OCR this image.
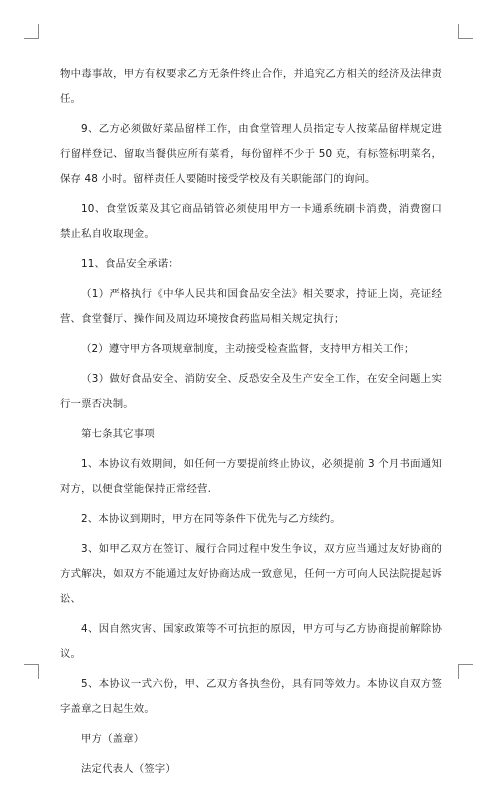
物中毒事故，甲方有权要求乙方无条件终止合作，并追究乙方相关的经济及法律责任。

9、乙方必须做好菜品留样工作，由食堂管理人员指定专人按菜品留样规定进行留样登记、留取当餐供应所有菜肴，每份留样不少于 50 克，有标签标明菜名，保存 48 小时。留样责任人要随时接受学校及有关职能部门的询问。

10、食堂饭菜及其它商品销管必须使用甲方一卡通系统刷卡消费，消费窗口禁止私自收取现金。

11、食品安全承诺：

（1）严格执行《中华人民共和国食品安全法》相关要求，持证上岗，亮证经营、食堂餐厅、操作间及周边环境按食药监局相关规定执行；

（2）遵守甲方各项规章制度，主动接受检查监督，支持甲方相关工作；

（3）做好食品安全、消防安全、反恐安全及生产安全工作，在安全问题上实行一票否决制。

第七条其它事项

1、本协议有效期间，如任何一方要提前终止协议，必须提前 3 个月书面通知对方，以便食堂能保持正常经营.

2、本协议到期时，甲方在同等条件下优先与乙方续约。

3、如甲乙双方在签订、履行合同过程中发生争议，双方应当通过友好协商的方式解决，如双方不能通过友好协商达成一致意见，任何一方可向人民法院提起诉讼、

4、因自然灾害、国家政策等不可抗拒的原因，甲方可与乙方协商提前解除协议。

5、本协议一式六份，甲、乙双方各执叁份，具有同等效力。本协议自双方签字盖章之日起生效。

甲方（盖章）

法定代表人（签字）
